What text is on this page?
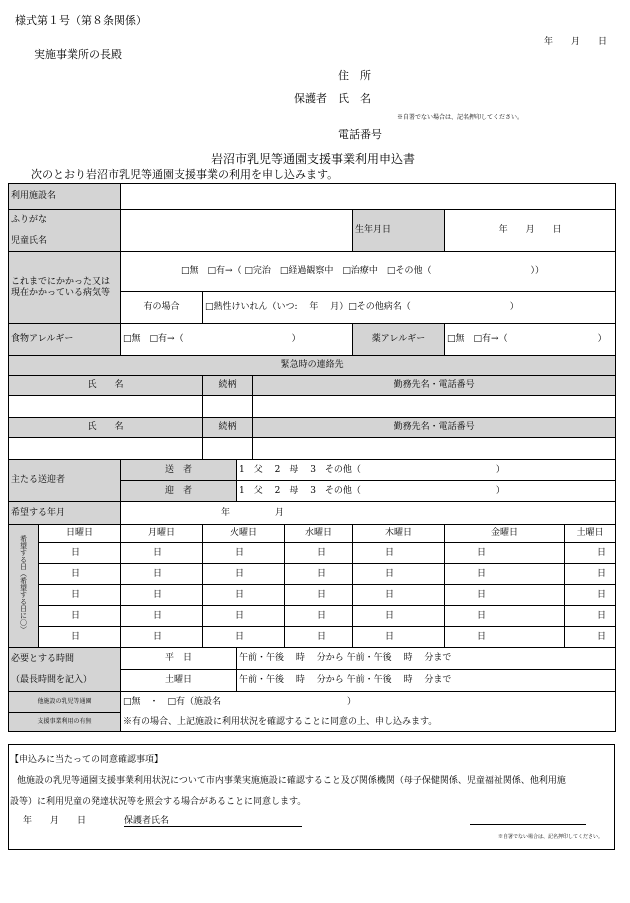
様式第１号（第８条関係）
年　　月　　日
実施事業所の長殿
住　所
保護者　氏　名
※自署でない場合は、記名押印してください。
電話番号
岩沼市乳児等通園支援事業利用申込書
次のとおり岩沼市乳児等通園支援事業の利用を申し込みます。
利用施設名									
ふりがな

児童氏名							生年月日	年　　月　　日	
これまでにかかった又は現在かかっている病気等		□無　□有→（ □完治　□経過観察中　□治療中　□その他（　　　　　　　　　　　））							
		有の場合	□熱性けいれん（いつ:　 年　 月）□その他病名（　　　　　　　　　　　）						
食物アレルギー		□無　□有→（　　　　　　　　　　　　）					薬アレルギー	□無　□有→（　　　　　　　　　　）	
緊急時の連絡先									
氏　　名			続柄		勤務先名・電話番号				

氏　　名			続柄		勤務先名・電話番号				

主たる送迎者		送　者		1　父　 2　母　 3　その他（　　　　　　　　　　　　　　　）					
		迎　者		1　父　 2　母　 3　その他（　　　　　　　　　　　　　　　）					
希望する年月		年　　　　　月							
希望する日（希望する日に〇）	日曜日	月曜日	火曜日			水曜日	木曜日	金曜日	土曜日
	日	日	日			日	日	日	日
	日	日	日			日	日	日	日
	日	日	日			日	日	日	日
	日	日	日			日	日	日	日
	日	日	日			日	日	日	日
必要とする時間

（最長時間を記入）		平　日		午前・午後　 時　 分から 午前・午後　 時　 分まで					
		土曜日		午前・午後　 時　 分から 午前・午後　 時　 分まで					
他施設の乳児等通園		□無　・　□有（施設名　　　　　　　　　　　　　　）							
支援事業利用の有無		※有の場合、上記施設に利用状況を確認することに同意の上、申し込みます。							
【申込みに当たっての同意確認事項】
他施設の乳児等通園支援事業利用状況について市内事業実施施設に確認すること及び関係機関（母子保健関係、児童福祉関係、他利用施
設等）に利用児童の発達状況等を照会する場合があることに同意します。
年　　月　　日	保護者氏名
※自署でない場合は、記名押印してください。
